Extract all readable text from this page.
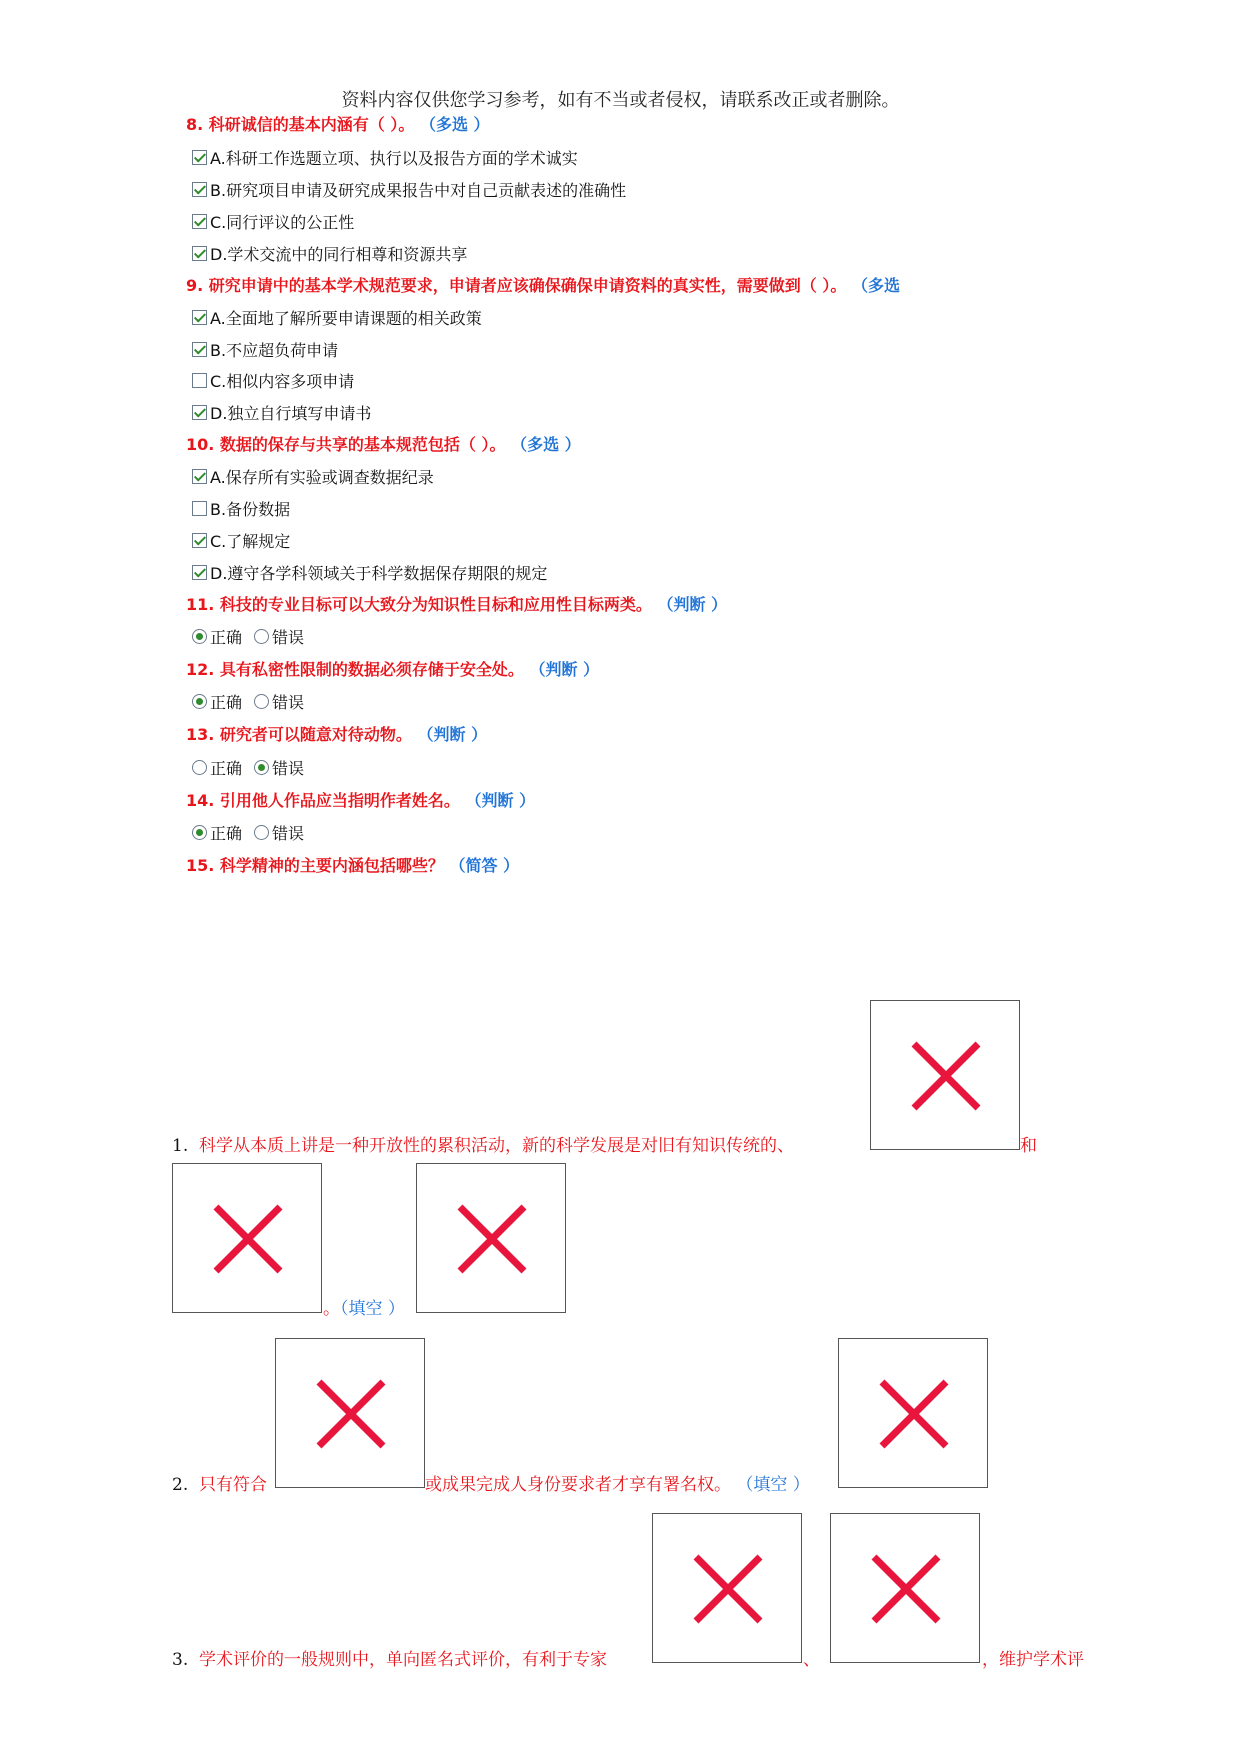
资料内容仅供您学习参考，如有不当或者侵权，请联系改正或者删除。
8. 科研诚信的基本内涵有（ ）。 （多选 ）
A.科研工作选题立项、执行以及报告方面的学术诚实
B.研究项目申请及研究成果报告中对自己贡献表述的准确性
C.同行评议的公正性
D.学术交流中的同行相尊和资源共享
9. 研究申请中的基本学术规范要求，申请者应该确保确保申请资料的真实性，需要做到（ ）。 （多选
A.全面地了解所要申请课题的相关政策
B.不应超负荷申请
C.相似内容多项申请
D.独立自行填写申请书
10. 数据的保存与共享的基本规范包括（ ）。 （多选 ）
A.保存所有实验或调查数据纪录
B.备份数据
C.了解规定
D.遵守各学科领域关于科学数据保存期限的规定
11. 科技的专业目标可以大致分为知识性目标和应用性目标两类。 （判断 ）
正确 错误
12. 具有私密性限制的数据必须存储于安全处。 （判断 ）
正确 错误
13. 研究者可以随意对待动物。 （判断 ）
正确 错误
14. 引用他人作品应当指明作者姓名。 （判断 ）
正确 错误
15. 科学精神的主要内涵包括哪些？ （简答 ）
1. 科学从本质上讲是一种开放性的累积活动，新的科学发展是对旧有知识传统的、	和
。（填空 ）
2. 只有符合	或成果完成人身份要求者才享有署名权。 （填空 ）
3. 学术评价的一般规则中，单向匿名式评价，有利于专家	、	，维护学术评
